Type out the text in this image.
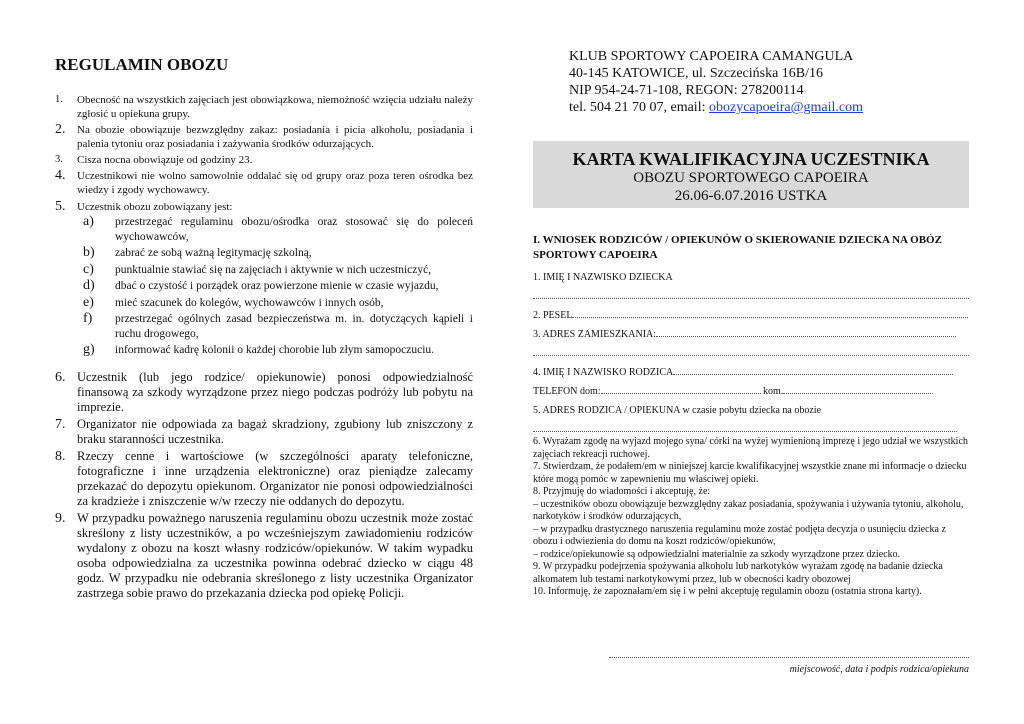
REGULAMIN OBOZU
1.	Obecność na wszystkich zajęciach jest obowiązkowa, niemożność wzięcia udziału należy zgłosić u opiekuna grupy.
2.	Na obozie obowiązuje bezwzględny zakaz: posiadania i picia alkoholu, posiadania i palenia tytoniu oraz posiadania i zażywania środków odurzających.
3.	Cisza nocna obowiązuje od godziny 23.
4.	Uczestnikowi nie wolno samowolnie oddalać się od grupy oraz poza teren ośrodka bez wiedzy i zgody wychowawcy.
5.	Uczestnik obozu zobowiązany jest:
a)	przestrzegać regulaminu obozu/ośrodka oraz stosować się do poleceń wychowawców,
b)	zabrać ze sobą ważną legitymację szkolną,
c)	punktualnie stawiać się na zajęciach i aktywnie w nich uczestniczyć,
d)	dbać o czystość i porządek oraz powierzone mienie w czasie wyjazdu,
e)	mieć szacunek do kolegów, wychowawców i innych osób,
f)	przestrzegać ogólnych zasad bezpieczeństwa m. in. dotyczących kąpieli i ruchu drogowego,
g)	informować kadrę kolonii o każdej chorobie lub złym samopoczuciu.
6. Uczestnik (lub jego rodzice/ opiekunowie) ponosi odpowiedzialność finansową za szkody wyrządzone przez niego podczas podróży lub pobytu na imprezie.
7. Organizator nie odpowiada za bagaż skradziony, zgubiony lub zniszczony z braku staranności uczestnika.
8. Rzeczy cenne i wartościowe (w szczególności aparaty telefoniczne, fotograficzne i inne urządzenia elektroniczne) oraz pieniądze zalecamy przekazać do depozytu opiekunom. Organizator nie ponosi odpowiedzialności za kradzieże i zniszczenie w/w rzeczy nie oddanych do depozytu.
9. W przypadku poważnego naruszenia regulaminu obozu uczestnik może zostać skreślony z listy uczestników, a po wcześniejszym zawiadomieniu rodziców wydalony z obozu na koszt własny rodziców/opiekunów. W takim wypadku osoba odpowiedzialna za uczestnika powinna odebrać dziecko w ciągu 48 godz. W przypadku nie odebrania skreślonego z listy uczestnika Organizator zastrzega sobie prawo do przekazania dziecka pod opiekę Policji.
KLUB SPORTOWY CAPOEIRA CAMANGULA
40-145 KATOWICE, ul. Szczecińska 16B/16
NIP 954-24-71-108, REGON: 278200114
tel. 504 21 70 07, email: obozycapoeira@gmail.com
KARTA KWALIFIKACYJNA UCZESTNIKA
OBOZU SPORTOWEGO CAPOEIRA
26.06-6.07.2016 USTKA
I. WNIOSEK RODZICÓW / OPIEKUNÓW O SKIEROWANIE DZIECKA NA OBÓZ SPORTOWY CAPOEIRA
1. IMIĘ I NAZWISKO DZIECKA
2. PESEL
3. ADRES ZAMIESZKANIA:
4. IMIĘ I NAZWISKO RODZICA
TELEFON dom:	kom.
5. ADRES RODZICA / OPIEKUNA w czasie pobytu dziecka na obozie
6. Wyrażam zgodę na wyjazd mojego syna/ córki na wyżej wymienioną imprezę i jego udział we wszystkich zajęciach rekreacji ruchowej.
7. Stwierdzam, że podałem/em w niniejszej karcie kwalifikacyjnej wszystkie znane mi informacje o dziecku które mogą pomóc w zapewnieniu mu właściwej opieki.
8. Przyjmuję do wiadomości i akceptuję, że:
– uczestników obozu obowiązuje bezwzględny zakaz posiadania, spożywania i używania tytoniu, alkoholu, narkotyków i środków odurzających,
– w przypadku drastycznego naruszenia regulaminu może zostać podjęta decyzja o usunięciu dziecka z obozu i odwiezienia do domu na koszt rodziców/opiekunów,
– rodzice/opiekunowie są odpowiedzialni materialnie za szkody wyrządzone przez dziecko.
9. W przypadku podejrzenia spożywania alkoholu lub narkotyków wyrażam zgodę na badanie dziecka alkomatem lub testami narkotykowymi przez, lub w obecności kadry obozowej
10. Informuję, że zapoznałam/em się i w pełni akceptuję regulamin obozu (ostatnia strona karty).
miejscowość, data i podpis rodzica/opiekuna
